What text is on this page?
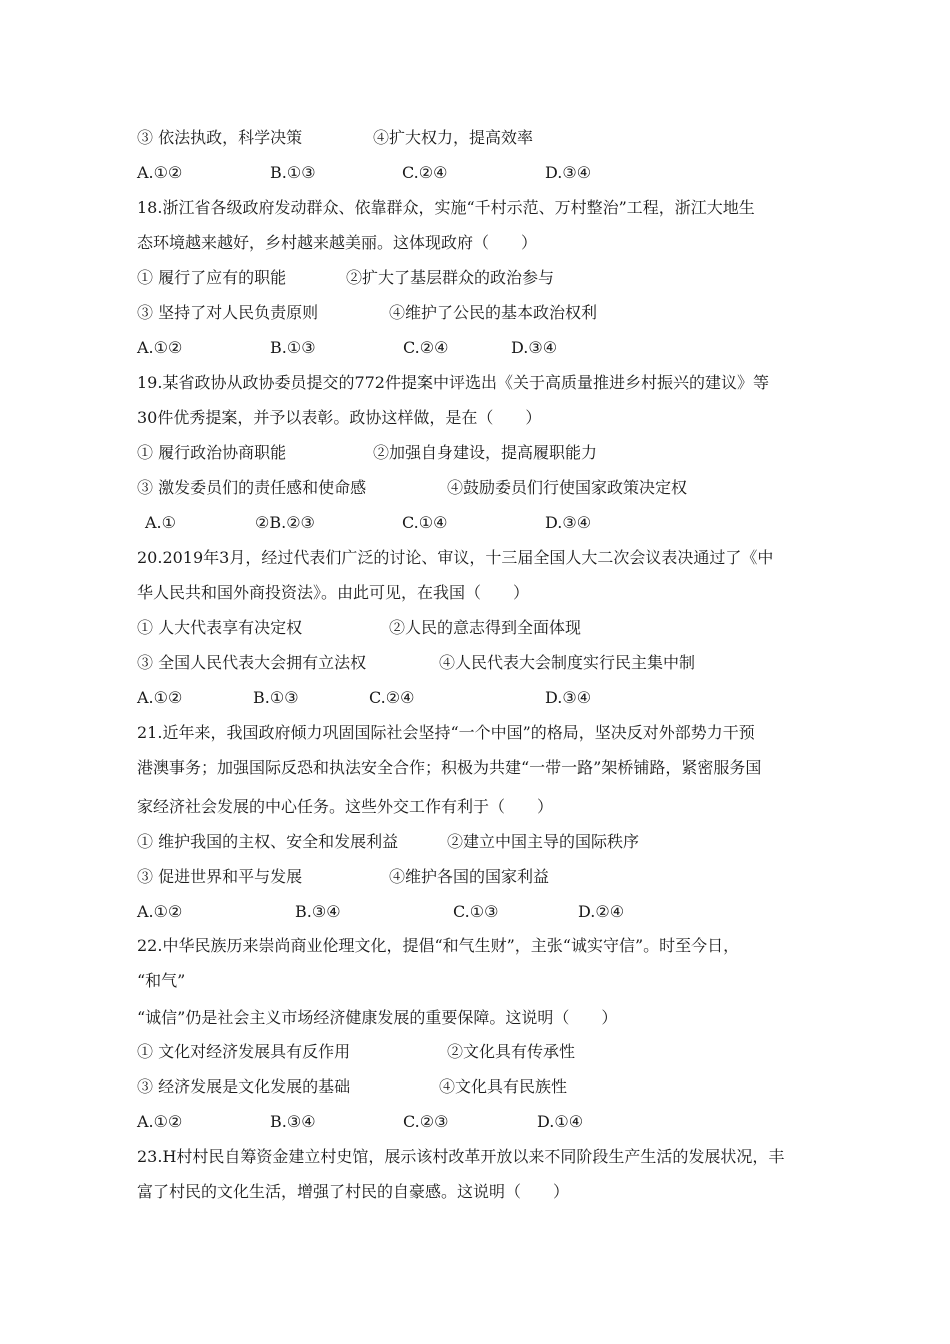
③ 依法执政，科学决策	④扩大权力，提高效率
A.①②	B.①③	C.②④	D.③④
18.浙江省各级政府发动群众、依靠群众，实施“千村示范、万村整治”工程，浙江大地生
态环境越来越好，乡村越来越美丽。这体现政府（　　）
① 履行了应有的职能	②扩大了基层群众的政治参与
③ 坚持了对人民负责原则	④维护了公民的基本政治权利
A.①②	B.①③	C.②④	D.③④
19.某省政协从政协委员提交的772件提案中评选出《关于高质量推进乡村振兴的建议》等
30件优秀提案，并予以表彰。政协这样做，是在（　　）
① 履行政治协商职能	②加强自身建设，提高履职能力
③ 激发委员们的责任感和使命感	④鼓励委员们行使国家政策决定权
A.①	②B.②③	C.①④	D.③④
20.2019年3月，经过代表们广泛的讨论、审议，十三届全国人大二次会议表决通过了《中
华人民共和国外商投资法》。由此可见，在我国（　　）
① 人大代表享有决定权	②人民的意志得到全面体现
③ 全国人民代表大会拥有立法权	④人民代表大会制度实行民主集中制
A.①②	B.①③	C.②④	D.③④
21.近年来，我国政府倾力巩固国际社会坚持“一个中国”的格局，坚决反对外部势力干预
港澳事务；加强国际反恐和执法安全合作；积极为共建“一带一路”架桥铺路，紧密服务国
家经济社会发展的中心任务。这些外交工作有利于（　　）
① 维护我国的主权、安全和发展利益	②建立中国主导的国际秩序
③ 促进世界和平与发展	④维护各国的国家利益
A.①②	B.③④	C.①③	D.②④
22.中华民族历来崇尚商业伦理文化，提倡“和气生财”，主张“诚实守信”。时至今日，
“和气”
“诚信”仍是社会主义市场经济健康发展的重要保障。这说明（　　）
① 文化对经济发展具有反作用	②文化具有传承性
③ 经济发展是文化发展的基础	④文化具有民族性
A.①②	B.③④	C.②③	D.①④
23.H村村民自筹资金建立村史馆，展示该村改革开放以来不同阶段生产生活的发展状况，丰
富了村民的文化生活，增强了村民的自豪感。这说明（　　）
